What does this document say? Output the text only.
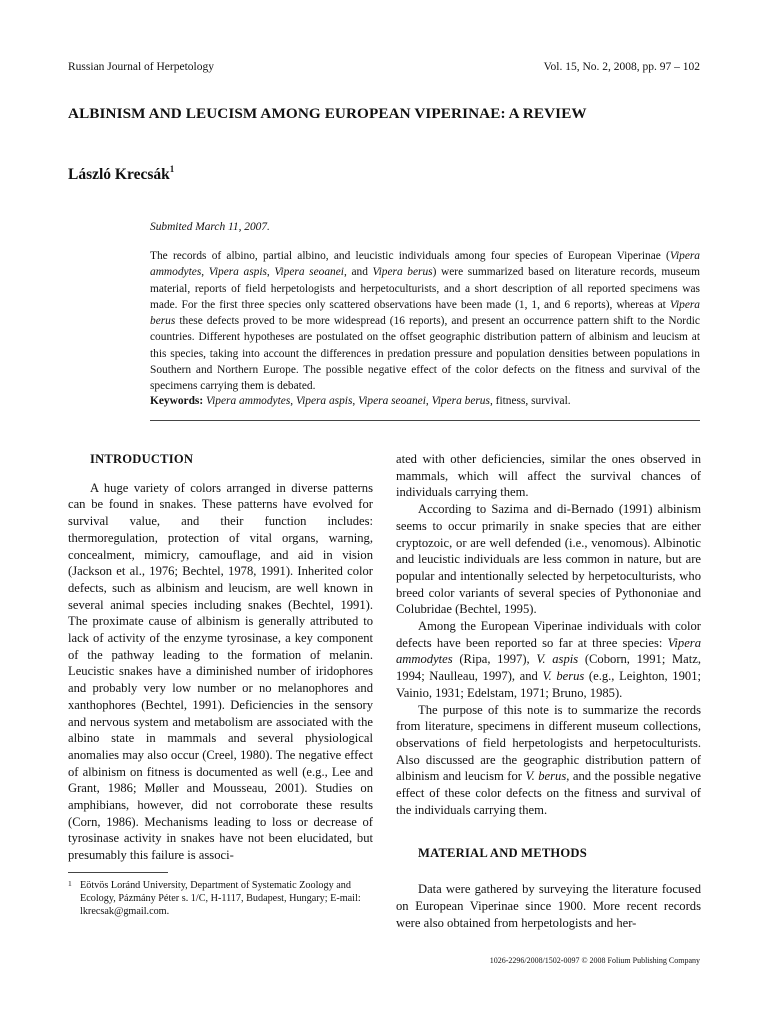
Russian Journal of Herpetology	Vol. 15, No. 2, 2008, pp. 97 – 102
ALBINISM AND LEUCISM AMONG EUROPEAN VIPERINAE: A REVIEW
László Krecsák$^1$
Submited March 11, 2007.

The records of albino, partial albino, and leucistic individuals among four species of European Viperinae (Vipera ammodytes, Vipera aspis, Vipera seoanei, and Vipera berus) were summarized based on literature records, museum material, reports of field herpetologists and herpetoculturists, and a short description of all reported specimens was made. For the first three species only scattered observations have been made (1, 1, and 6 reports), whereas at Vipera berus these defects proved to be more widespread (16 reports), and present an occurrence pattern shift to the Nordic countries. Different hypotheses are postulated on the offset geographic distribution pattern of albinism and leucism at this species, taking into account the differences in predation pressure and population densities between populations in Southern and Northern Europe. The possible negative effect of the color defects on the fitness and survival of the specimens carrying them is debated.

Keywords: Vipera ammodytes, Vipera aspis, Vipera seoanei, Vipera berus, fitness, survival.

INTRODUCTION

A huge variety of colors arranged in diverse patterns can be found in snakes. These patterns have evolved for survival value, and their function includes: thermoregulation, protection of vital organs, warning, concealment, mimicry, camouflage, and aid in vision (Jackson et al., 1976; Bechtel, 1978, 1991). Inherited color defects, such as albinism and leucism, are well known in several animal species including snakes (Bechtel, 1991). The proximate cause of albinism is generally attributed to lack of activity of the enzyme tyrosinase, a key component of the pathway leading to the formation of melanin. Leucistic snakes have a diminished number of iridophores and probably very low number or no melanophores and xanthophores (Bechtel, 1991). Deficiencies in the sensory and nervous system and metabolism are associated with the albino state in mammals and several physiological anomalies may also occur (Creel, 1980). The negative effect of albinism on fitness is documented as well (e.g., Lee and Grant, 1986; Møller and Mousseau, 2001). Studies on amphibians, however, did not corroborate these results (Corn, 1986). Mechanisms leading to loss or decrease of tyrosinase activity in snakes have not been elucidated, but presumably this failure is associ-

ated with other deficiencies, similar the ones observed in mammals, which will affect the survival chances of individuals carrying them.

According to Sazima and di-Bernado (1991) albinism seems to occur primarily in snake species that are either cryptozoic, or are well defended (i.e., venomous). Albinotic and leucistic individuals are less common in nature, but are popular and intentionally selected by herpetoculturists, who breed color variants of several species of Pythononiae and Colubridae (Bechtel, 1995).

Among the European Viperinae individuals with color defects have been reported so far at three species: Vipera ammodytes (Ripa, 1997), V. aspis (Coborn, 1991; Matz, 1994; Naulleau, 1997), and V. berus (e.g., Leighton, 1901; Vainio, 1931; Edelstam, 1971; Bruno, 1985).

The purpose of this note is to summarize the records from literature, specimens in different museum collections, observations of field herpetologists and herpetoculturists. Also discussed are the geographic distribution pattern of albinism and leucism for V. berus, and the possible negative effect of these color defects on the fitness and survival of the individuals carrying them.

MATERIAL AND METHODS

Data were gathered by surveying the literature focused on European Viperinae since 1900. More recent records were also obtained from herpetologists and her-

1 Eötvös Loránd University, Department of Systematic Zoology and Ecology, Pázmány Péter s. 1/C, H-1117, Budapest, Hungary; E-mail: lkrecsak@gmail.com.
1026-2296/2008/1502-0097 © 2008 Folium Publishing Company
